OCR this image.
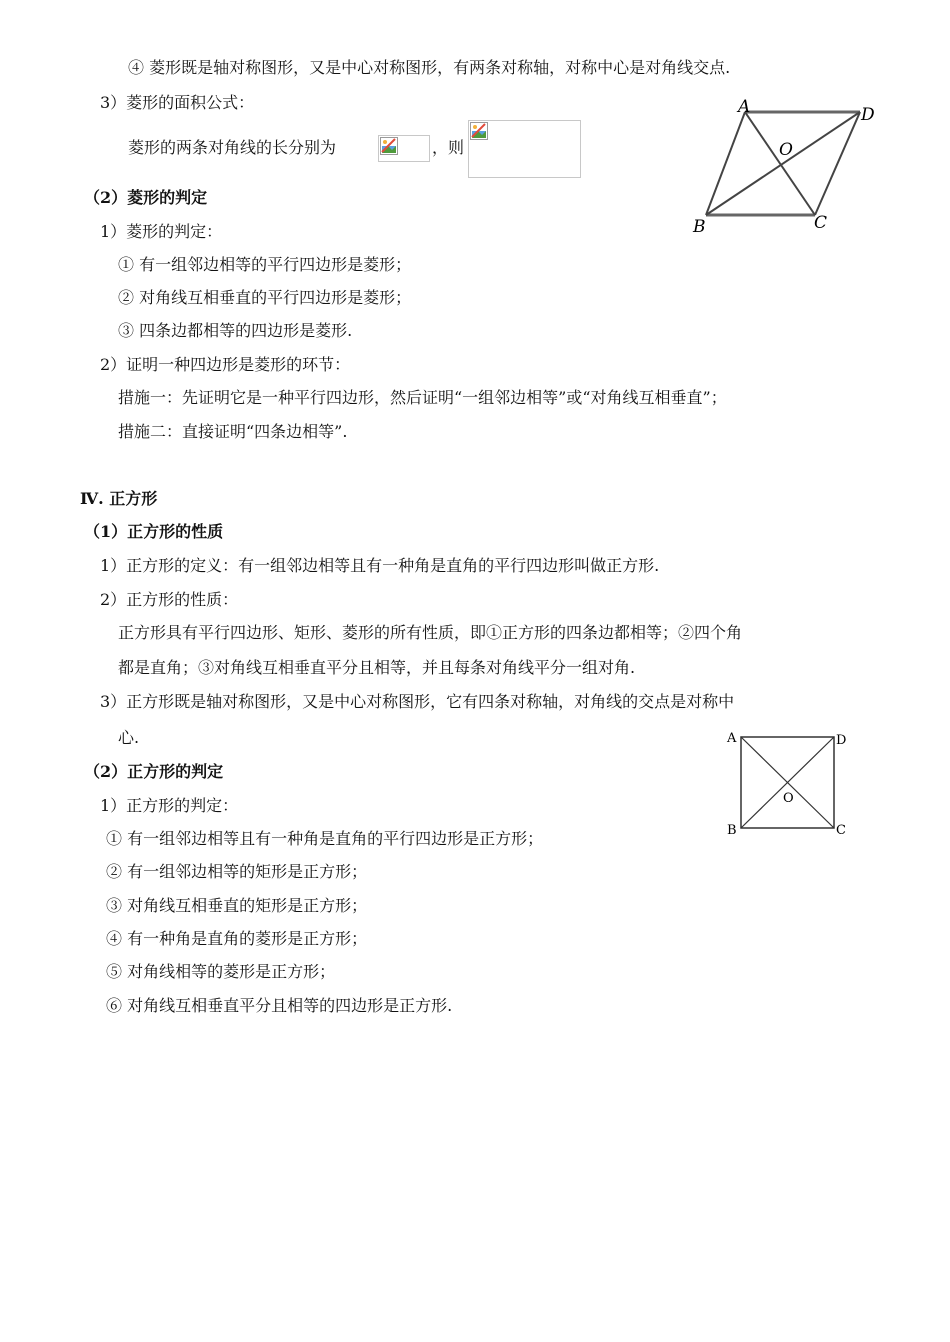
④ 菱形既是轴对称图形，又是中心对称图形，有两条对称轴，对称中心是对角线交点.
3）菱形的面积公式：
菱形的两条对角线的长分别为	，则
A	D
B	C
O
（2）菱形的判定
1）菱形的判定：
① 有一组邻边相等的平行四边形是菱形；
② 对角线互相垂直的平行四边形是菱形；
③ 四条边都相等的四边形是菱形.
2）证明一种四边形是菱形的环节：
措施一：先证明它是一种平行四边形，然后证明“一组邻边相等”或“对角线互相垂直”；
措施二：直接证明“四条边相等”.
Ⅳ. 正方形
（1）正方形的性质
1）正方形的定义：有一组邻边相等且有一种角是直角的平行四边形叫做正方形.
2）正方形的性质：
正方形具有平行四边形、矩形、菱形的所有性质，即①正方形的四条边都相等；②四个角
都是直角；③对角线互相垂直平分且相等，并且每条对角线平分一组对角.
3）正方形既是轴对称图形，又是中心对称图形，它有四条对称轴，对角线的交点是对称中
心.	A	D
B	C
O
（2）正方形的判定
1）正方形的判定：
① 有一组邻边相等且有一种角是直角的平行四边形是正方形；
② 有一组邻边相等的矩形是正方形；
③ 对角线互相垂直的矩形是正方形；
④ 有一种角是直角的菱形是正方形；
⑤ 对角线相等的菱形是正方形；
⑥ 对角线互相垂直平分且相等的四边形是正方形.
